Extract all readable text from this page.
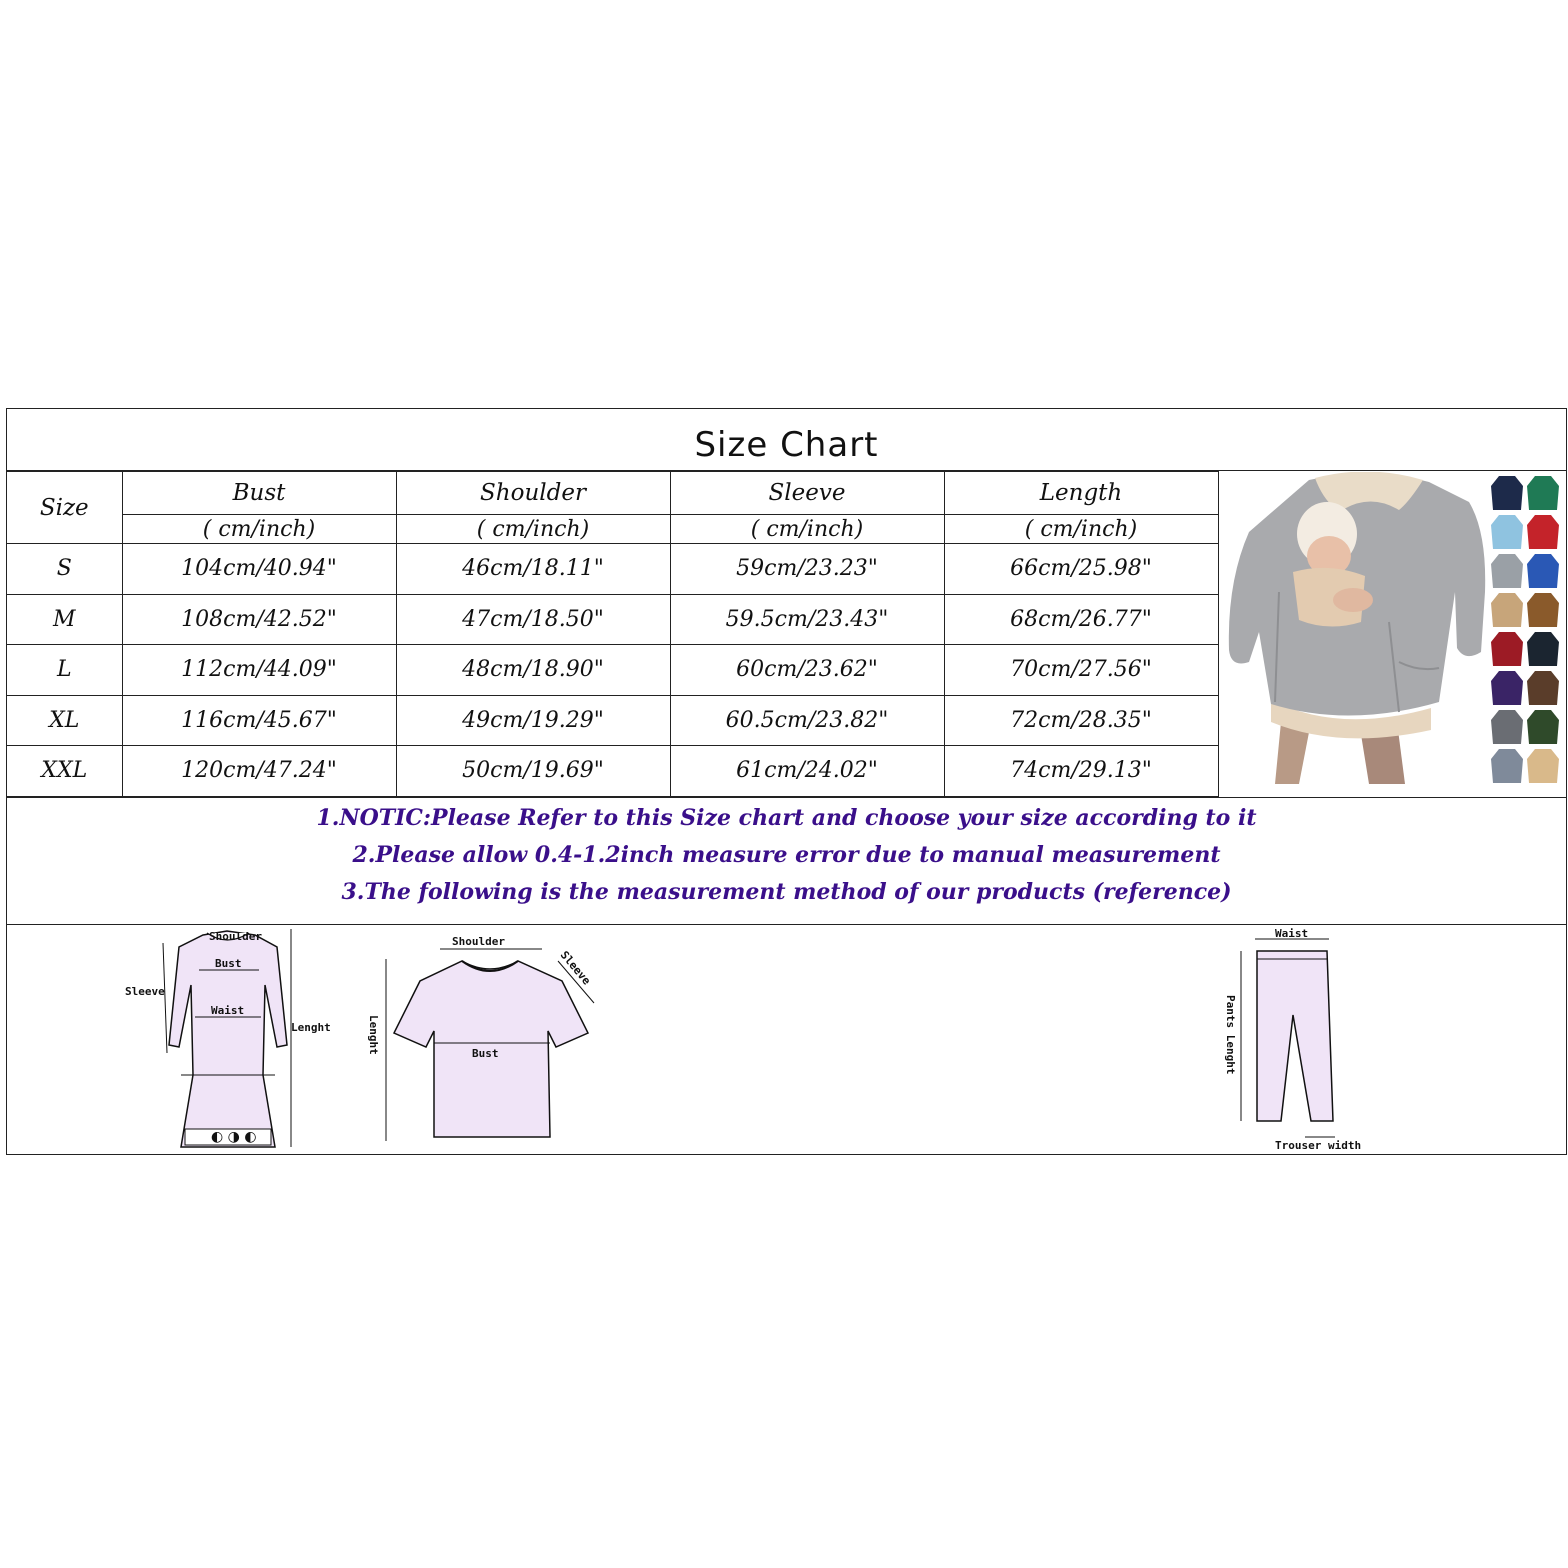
Size Chart
Size	Bust	Shoulder	Sleeve	Length
	( cm/inch)	( cm/inch)	( cm/inch)	( cm/inch)
S	104cm/40.94"	46cm/18.11"	59cm/23.23"	66cm/25.98"
M	108cm/42.52"	47cm/18.50"	59.5cm/23.43"	68cm/26.77"
L	112cm/44.09"	48cm/18.90"	60cm/23.62"	70cm/27.56"
XL	116cm/45.67"	49cm/19.29"	60.5cm/23.82"	72cm/28.35"
XXL	120cm/47.24"	50cm/19.69"	61cm/24.02"	74cm/29.13"
1.NOTIC:Please Refer to this Size chart and choose your size according to it
2.Please allow 0.4-1.2inch measure error due to manual measurement
3.The following is the measurement method of our products (reference)
◐ ◑ ◐
Shoulder
Bust
Waist
Sleeve
Lenght
Shoulder
Sleeve
Bust
Lenght
Waist
Pants Lenght
Trouser width
